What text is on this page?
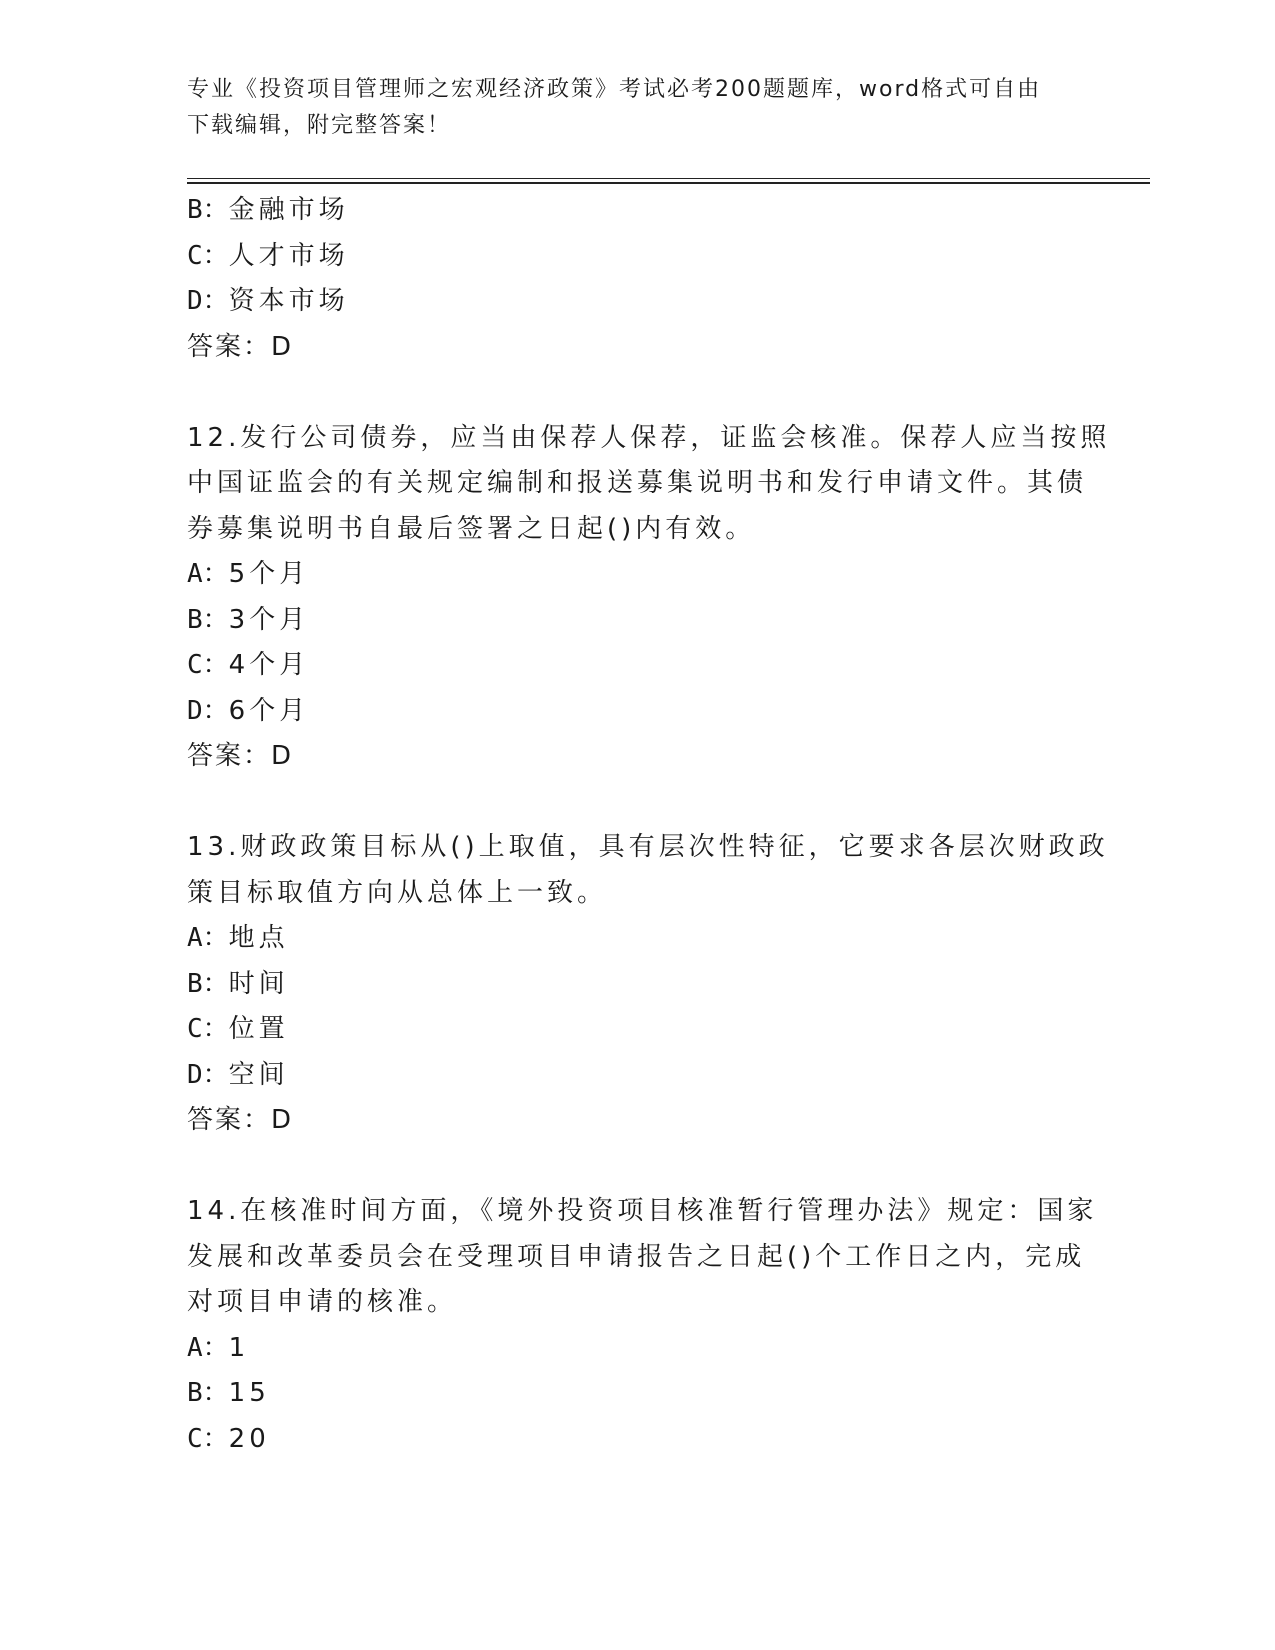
专业《投资项目管理师之宏观经济政策》考试必考200题题库，word格式可自由
下载编辑，附完整答案！
B：金融市场
C：人才市场
D：资本市场
答案：D
12.发行公司债券，应当由保荐人保荐，证监会核准。保荐人应当按照
中国证监会的有关规定编制和报送募集说明书和发行申请文件。其债
券募集说明书自最后签署之日起()内有效。
A：5个月
B：3个月
C：4个月
D：6个月
答案：D
13.财政政策目标从()上取值，具有层次性特征，它要求各层次财政政
策目标取值方向从总体上一致。
A：地点
B：时间
C：位置
D：空间
答案：D
14.在核准时间方面，《境外投资项目核准暂行管理办法》规定：国家
发展和改革委员会在受理项目申请报告之日起()个工作日之内，完成
对项目申请的核准。
A：1
B：15
C：20
